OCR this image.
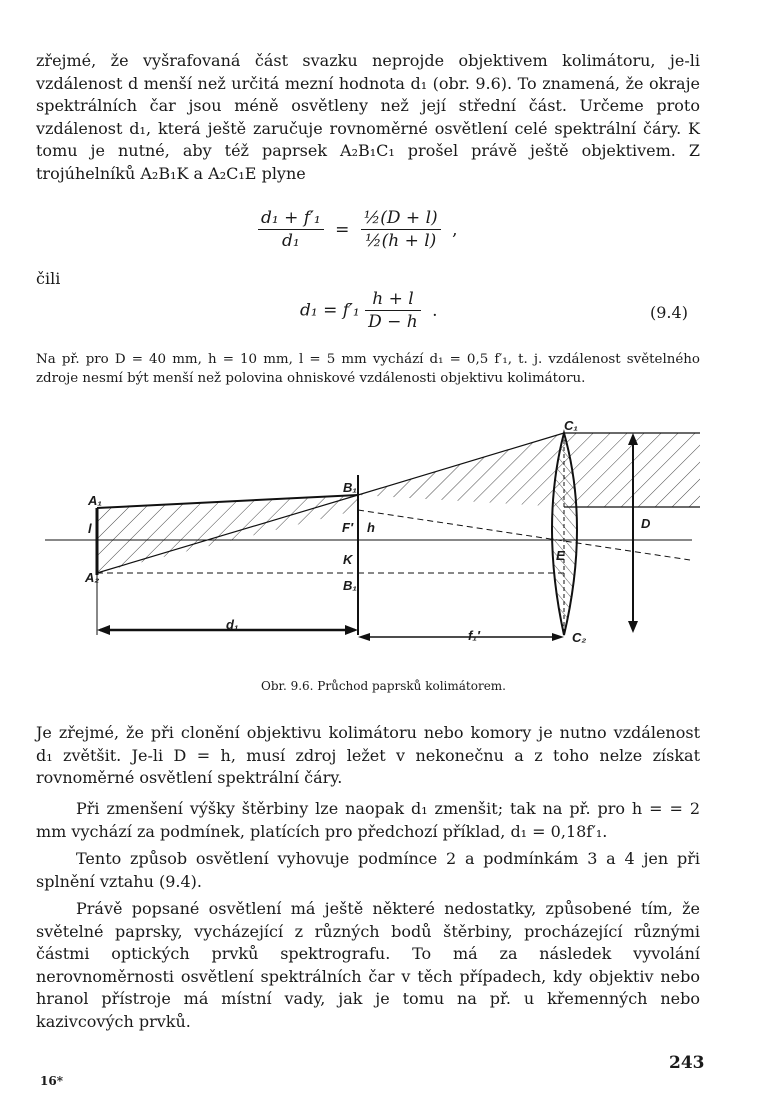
zřejmé, že vyšrafovaná část svazku neprojde objektivem kolimátoru, je-li vzdálenost d menší než určitá mezní hodnota d₁ (obr. 9.6). To znamená, že okraje spektrálních čar jsou méně osvětleny než její střední část. Určeme proto vzdálenost d₁, která ještě zaručuje rovnoměrné osvětlení celé spektrální čáry. K tomu je nutné, aby též paprsek A₂B₁C₁ prošel právě ještě objektivem. Z trojúhelníků A₂B₁K a A₂C₁E plyne

$\frac{\text{d₁ + f′₁}}{\text{d₁}} = \frac{\text{½(D + l)}}{\text{½(h + l)}}$ ,

čili

$d_1 = f'_1 \frac{h + l}{D - h}$ .	(9.4)

Na př. pro D = 40 mm, h = 10 mm, l = 5 mm vychází d₁ = 0,5 f′₁, t. j. vzdálenost světelného zdroje nesmí být menší než polovina ohniskové vzdálenosti objektivu kolimátoru.

A₁
A₂
l
B₁
F′ h
K
B₁
d₁
f₁′
C₁
C₂
E
D
Obr. 9.6. Průchod paprsků kolimátorem.

Je zřejmé, že při clonění objektivu kolimátoru nebo komory je nutno vzdálenost d₁ zvětšit. Je-li D = h, musí zdroj ležet v nekonečnu a z toho nelze získat rovnoměrné osvětlení spektrální čáry.

Při zmenšení výšky štěrbiny lze naopak d₁ zmenšit; tak na př. pro h = = 2 mm vychází za podmínek, platících pro předchozí příklad, d₁ = 0,18f′₁.

Tento způsob osvětlení vyhovuje podmínce 2 a podmínkám 3 a 4 jen při splnění vztahu (9.4).

Právě popsané osvětlení má ještě některé nedostatky, způsobené tím, že světelné paprsky, vycházející z různých bodů štěrbiny, procházející různými částmi optických prvků spektrografu. To má za následek vyvolání nerovnoměrnosti osvětlení spektrálních čar v těch případech, kdy objektiv nebo hranol přístroje má místní vady, jak je tomu na př. u křemenných nebo kazivcových prvků.

243
16*
